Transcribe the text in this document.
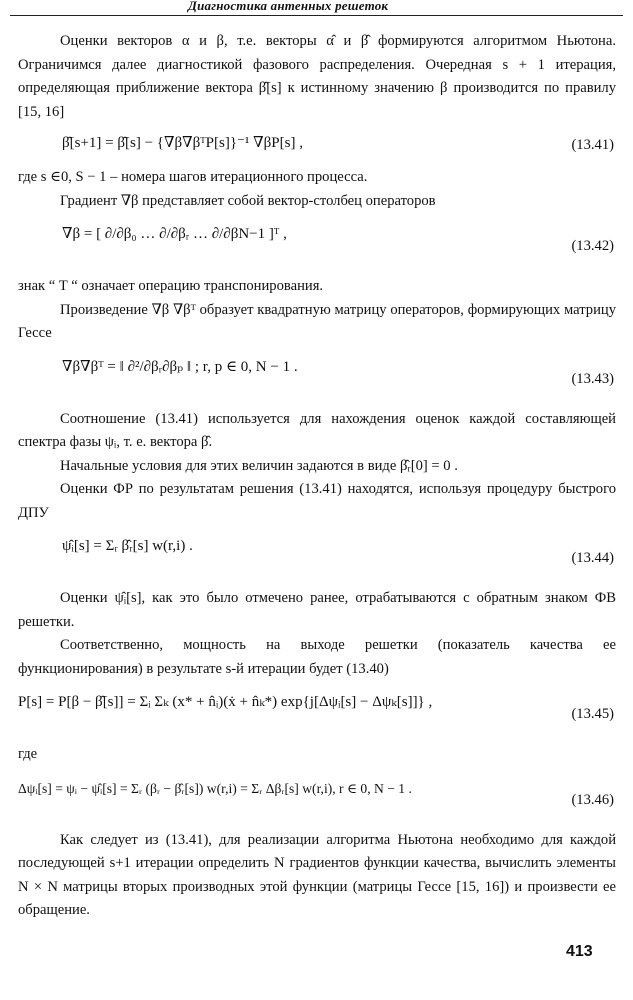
Диагностика антенных решеток

Оценки векторов α и β, т.е. векторы α̂ и β̂ формируются алгоритмом Ньютона. Ограничимся далее диагностикой фазового распределения. Очередная s + 1 итерация, определяющая приближение вектора β̂[s] к истинному значению β производится по правилу [15, 16]

β̂[s+1] = β̂[s] − {∇β∇βᵀP[s]}⁻¹ ∇βP[s] ,	(13.41)

где s ∈0, S − 1 – номера шагов итерационного процесса.

Градиент ∇β представляет собой вектор-столбец операторов

∇β = [ ∂/∂β₀ … ∂/∂βᵣ … ∂/∂βN−1 ]ᵀ ,
(13.42)

знак “ T “ означает операцию транспонирования.

Произведение ∇β ∇βᵀ образует квадратную матрицу операторов, формирующих матрицу Гессе

∇β∇βᵀ = ‖ ∂²/∂βᵣ∂βₚ ‖ ; r, p ∈ 0, N − 1 .
(13.43)

Соотношение (13.41) используется для нахождения оценок каждой составляющей спектра фазы ψᵢ, т. е. вектора β̂.

Начальные условия для этих величин задаются в виде β̂ᵣ[0] = 0 .

Оценки ФР по результатам решения (13.41) находятся, используя процедуру быстрого ДПУ

ψ̂ᵢ[s] = Σᵣ β̂ᵣ[s] w(r,i) .
(13.44)

Оценки ψ̂ᵢ[s], как это было отмечено ранее, отрабатываются с обратным знаком ФВ решетки.

Соответственно, мощность на выходе решетки (показатель качества ее функционирования) в результате s-й итерации будет (13.40)

P[s] = P[β − β̂[s]] = Σᵢ Σₖ (x* + n̂ᵢ)(ẋ + n̂ₖ*) exp{j[Δψᵢ[s] − Δψₖ[s]]} ,
(13.45)

где

Δψᵢ[s] = ψᵢ − ψ̂ᵢ[s] = Σᵣ (βᵣ − β̂ᵣ[s]) w(r,i) = Σᵣ Δβᵣ[s] w(r,i), r ∈ 0, N − 1 .
(13.46)

Как следует из (13.41), для реализации алгоритма Ньютона необходимо для каждой последующей s+1 итерации определить N градиентов функции качества, вычислить элементы N × N матрицы вторых производных этой функции (матрицы Гессе [15, 16]) и произвести ее обращение.

413
